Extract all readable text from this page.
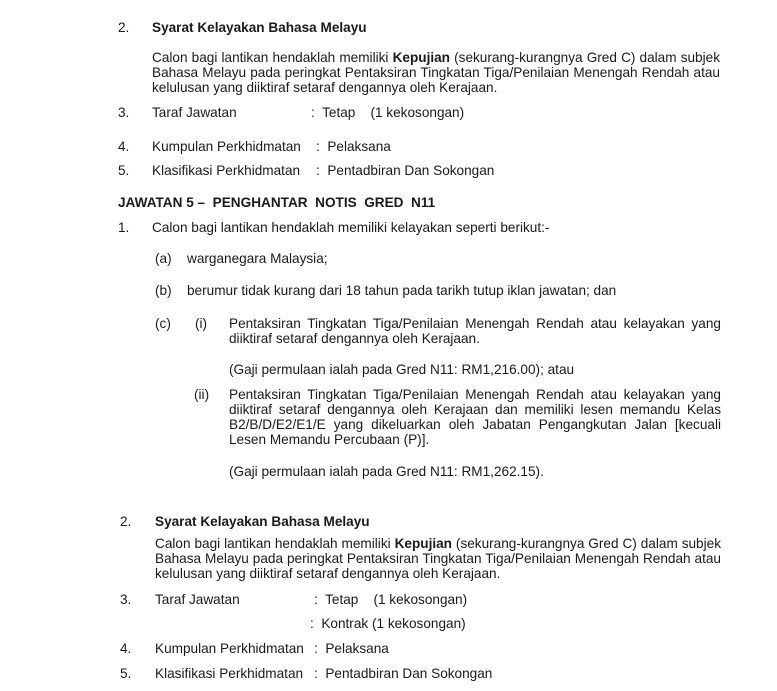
2. Syarat Kelayakan Bahasa Melayu
Calon bagi lantikan hendaklah memiliki Kepujian (sekurang-kurangnya Gred C) dalam subjek Bahasa Melayu pada peringkat Pentaksiran Tingkatan Tiga/Penilaian Menengah Rendah atau kelulusan yang diiktiraf setaraf dengannya oleh Kerajaan.
3. Taraf Jawatan	:  Tetap    (1 kekosongan)
4. Kumpulan Perkhidmatan :  Pelaksana
5. Klasifikasi Perkhidmatan :  Pentadbiran Dan Sokongan
JAWATAN 5 –  PENGHANTAR  NOTIS  GRED  N11
1. Calon bagi lantikan hendaklah memiliki kelayakan seperti berikut:-
(a) warganegara Malaysia;
(b) berumur tidak kurang dari 18 tahun pada tarikh tutup iklan jawatan; dan
(c) (i) Pentaksiran Tingkatan Tiga/Penilaian Menengah Rendah atau kelayakan yang diiktiraf setaraf dengannya oleh Kerajaan.
(Gaji permulaan ialah pada Gred N11: RM1,216.00); atau
(ii) Pentaksiran Tingkatan Tiga/Penilaian Menengah Rendah atau kelayakan yang diiktiraf setaraf dengannya oleh Kerajaan dan memiliki lesen memandu Kelas B2/B/D/E2/E1/E yang dikeluarkan oleh Jabatan Pengangkutan Jalan [kecuali Lesen Memandu Percubaan (P)].
(Gaji permulaan ialah pada Gred N11: RM1,262.15).
2. Syarat Kelayakan Bahasa Melayu
Calon bagi lantikan hendaklah memiliki Kepujian (sekurang-kurangnya Gred C) dalam subjek Bahasa Melayu pada peringkat Pentaksiran Tingkatan Tiga/Penilaian Menengah Rendah atau kelulusan yang diiktiraf setaraf dengannya oleh Kerajaan.
3. Taraf Jawatan	:  Tetap    (1 kekosongan)
:  Kontrak (1 kekosongan)
4. Kumpulan Perkhidmatan :  Pelaksana
5. Klasifikasi Perkhidmatan :  Pentadbiran Dan Sokongan
